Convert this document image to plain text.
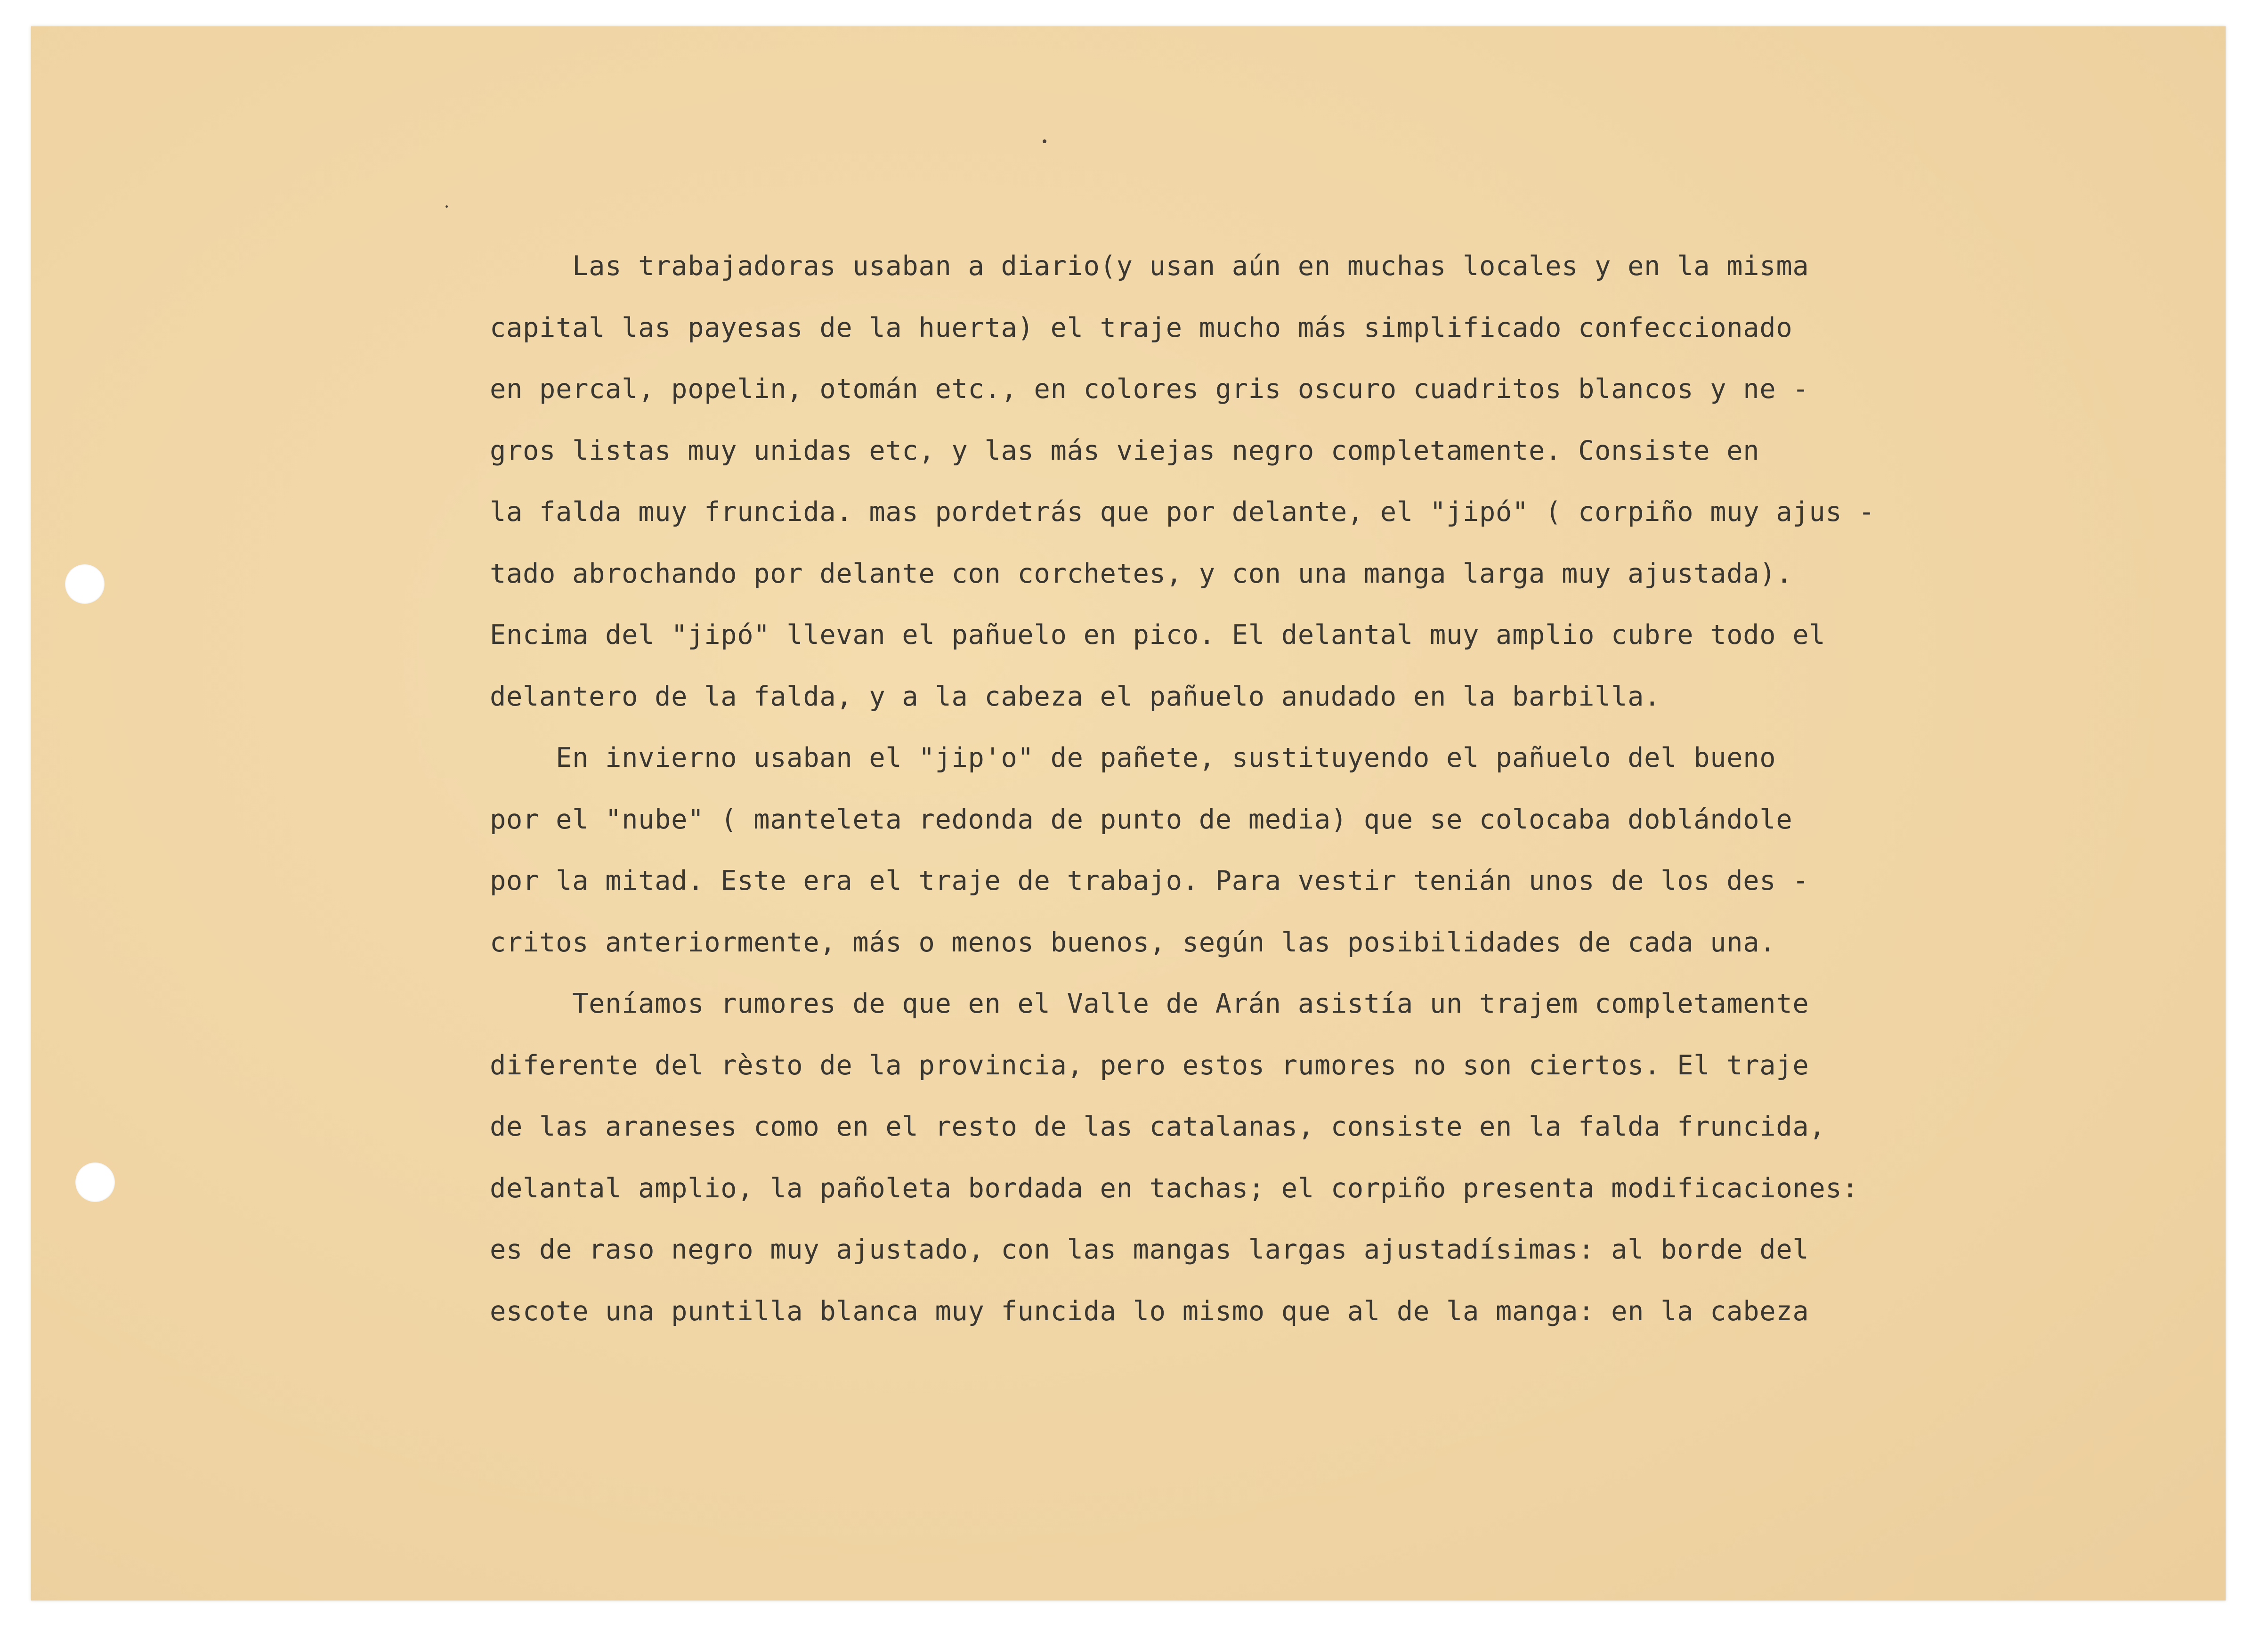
Las trabajadoras usaban a diario(y usan aún en muchas locales y en la misma
capital las payesas de la huerta) el traje mucho más simplificado confeccionado
en percal, popelin, otomán etc., en colores gris oscuro cuadritos blancos y ne -
gros listas muy unidas etc, y las más viejas negro completamente. Consiste en
la falda muy fruncida. mas pordetrás que por delante, el "jipó" ( corpiño muy ajus -
tado abrochando por delante con corchetes, y con una manga larga muy ajustada).
Encima del "jipó" llevan el pañuelo en pico. El delantal muy amplio cubre todo el
delantero de la falda, y a la cabeza el pañuelo anudado en la barbilla.
En invierno usaban el "jip'o" de pañete, sustituyendo el pañuelo del bueno
por el "nube" ( manteleta redonda de punto de media) que se colocaba doblándole
por la mitad. Este era el traje de trabajo. Para vestir tenián unos de los des -
critos anteriormente, más o menos buenos, según las posibilidades de cada una.
Teníamos rumores de que en el Valle de Arán asistía un trajem completamente
diferente del rèsto de la provincia, pero estos rumores no son ciertos. El traje
de las araneses como en el resto de las catalanas, consiste en la falda fruncida,
delantal amplio, la pañoleta bordada en tachas; el corpiño presenta modificaciones:
es de raso negro muy ajustado, con las mangas largas ajustadísimas: al borde del
escote una puntilla blanca muy funcida lo mismo que al de la manga: en la cabeza
